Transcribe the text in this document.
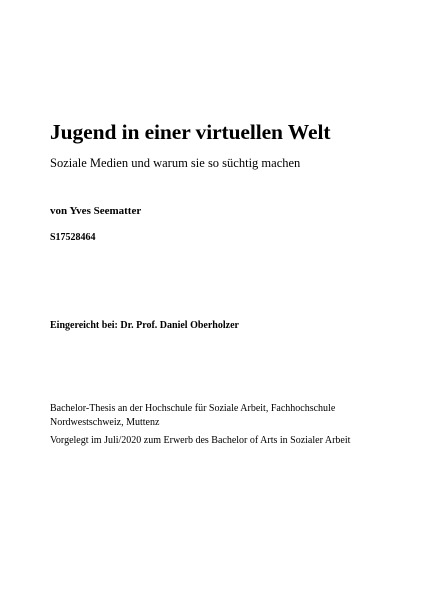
Jugend in einer virtuellen Welt

Soziale Medien und warum sie so süchtig machen

von Yves Seematter

S17528464

Eingereicht bei: Dr. Prof. Daniel Oberholzer

Bachelor-Thesis an der Hochschule für Soziale Arbeit, Fachhochschule Nordwestschweiz, Muttenz

Vorgelegt im Juli/2020 zum Erwerb des Bachelor of Arts in Sozialer Arbeit
